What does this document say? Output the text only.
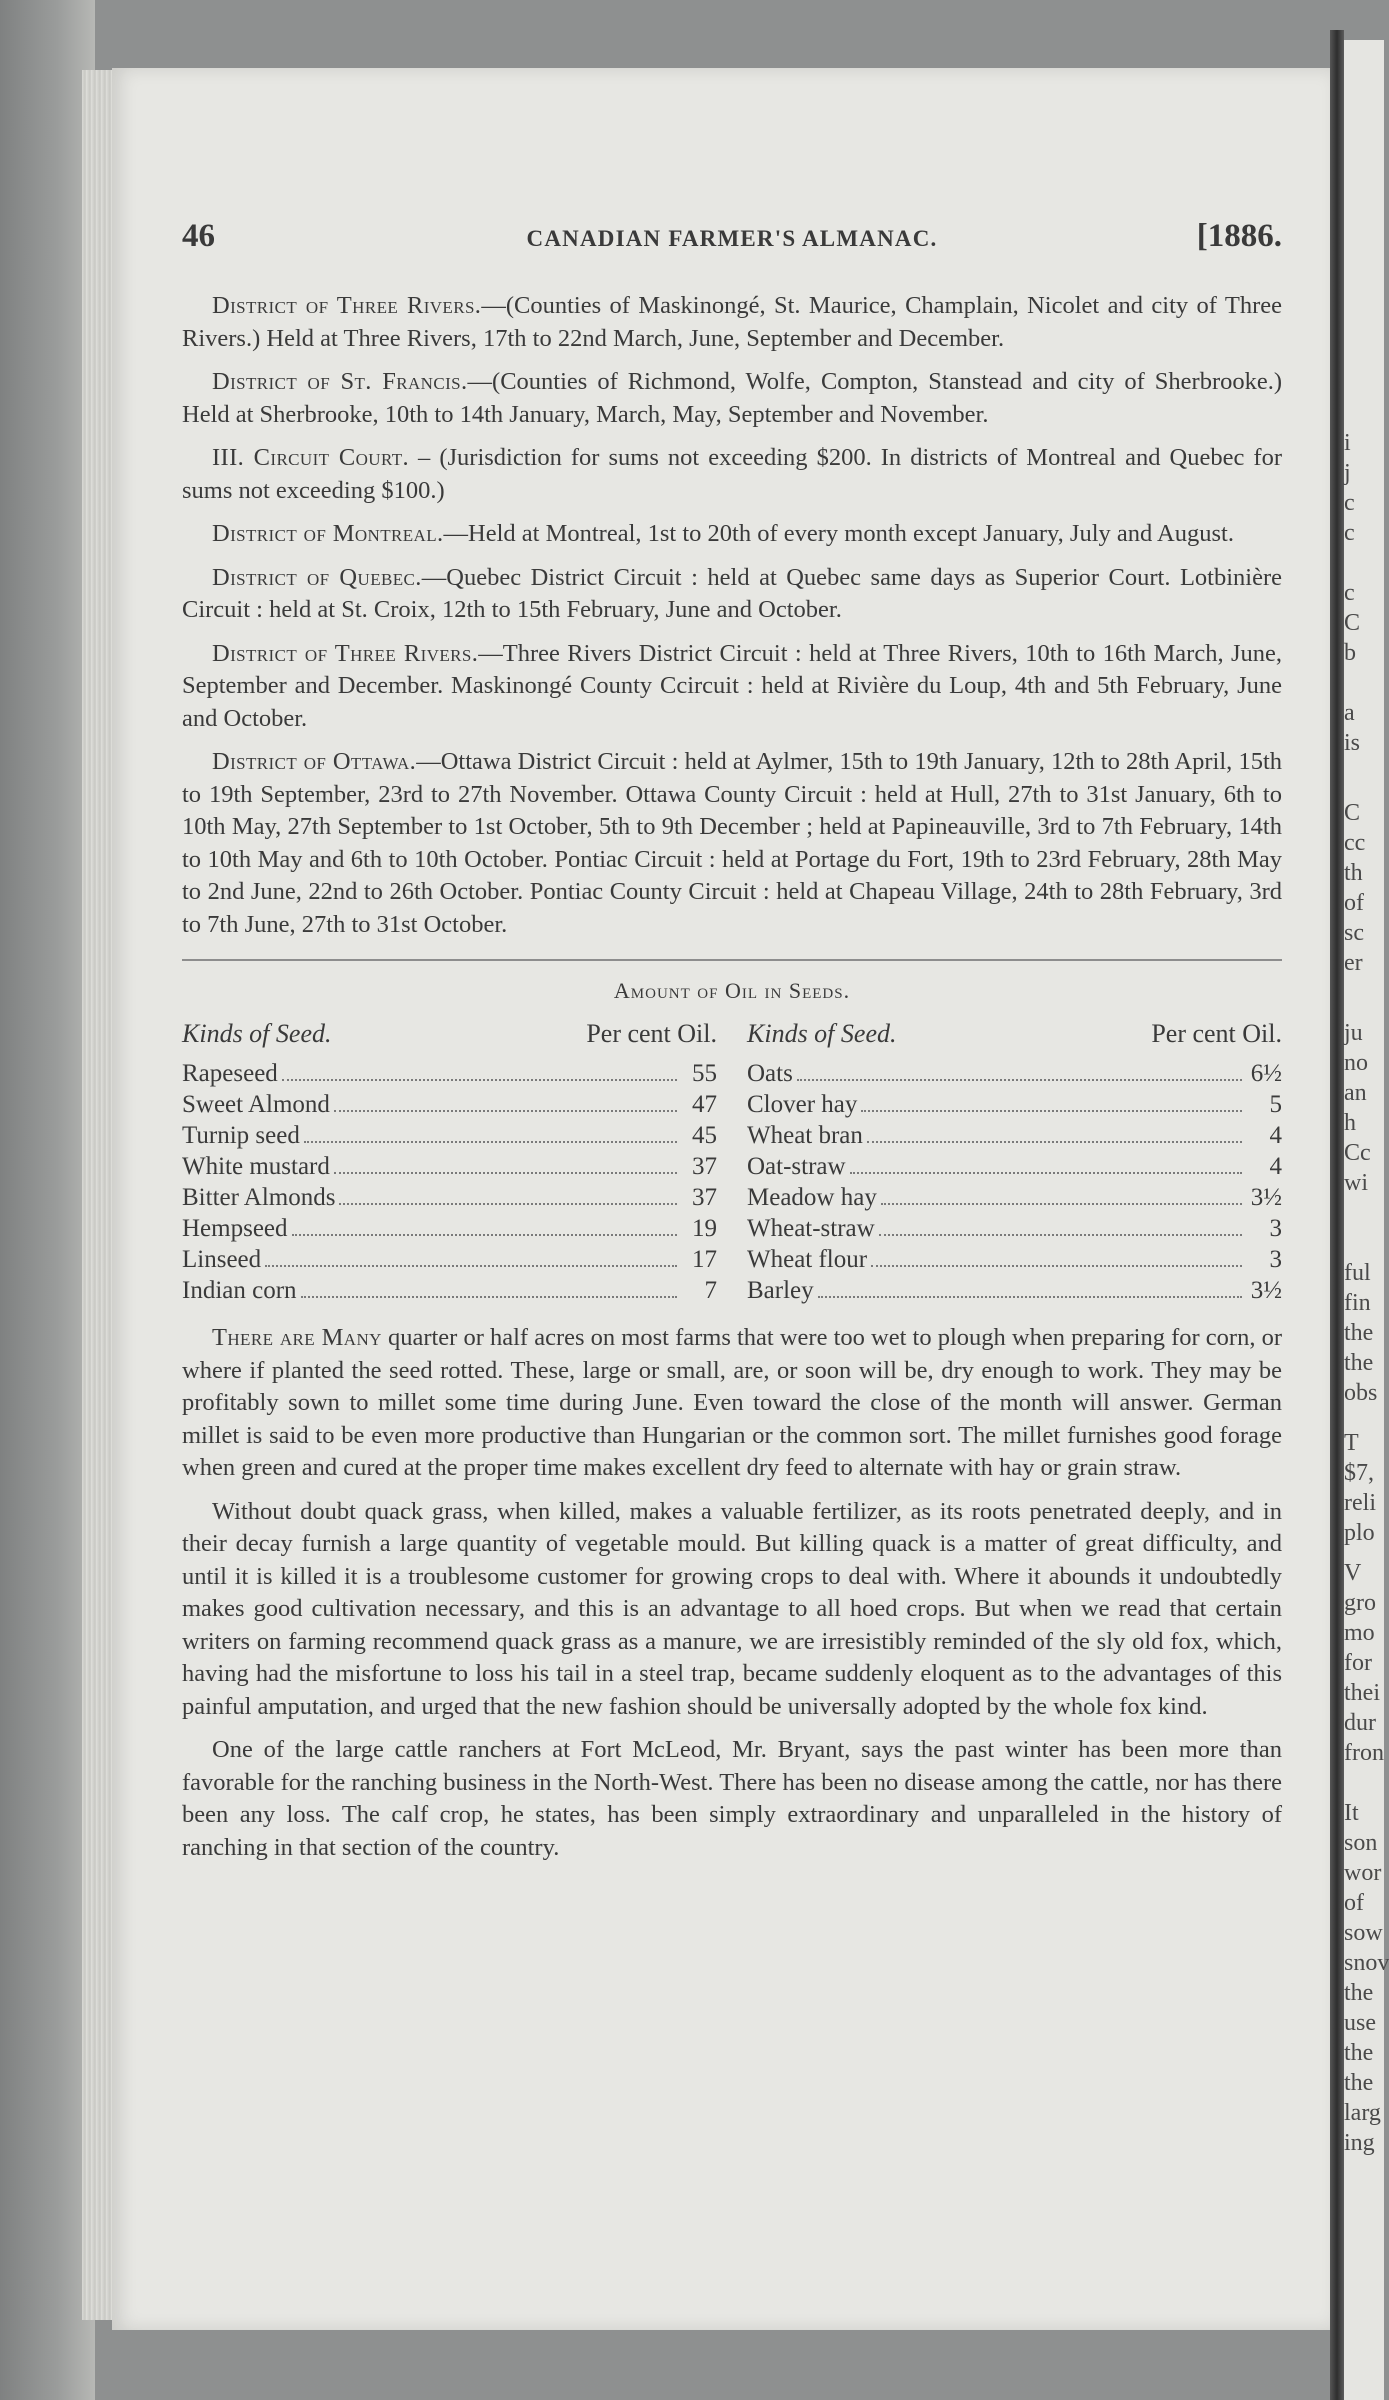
i
j
c
c
c
C
b
a
is
C
cc
th
of
sc
er
ju
no
an
h
Cc
wi
ful
fin
the
the
obs
T
$7,
reli
plo
V
gro
mo
for
thei
dur
fron
It
son
wor
of
sow
snov
the
use
the
the
larg
ing
46	CANADIAN FARMER'S ALMANAC.	[1886.

District of Three Rivers.—(Counties of Maskinongé, St. Maurice, Champlain, Nicolet and city of Three Rivers.) Held at Three Rivers, 17th to 22nd March, June, September and December.

District of St. Francis.—(Counties of Richmond, Wolfe, Compton, Stanstead and city of Sherbrooke.) Held at Sherbrooke, 10th to 14th January, March, May, September and November.

III. Circuit Court. – (Jurisdiction for sums not exceeding $200. In districts of Montreal and Quebec for sums not exceeding $100.)

District of Montreal.—Held at Montreal, 1st to 20th of every month except January, July and August.

District of Quebec.—Quebec District Circuit : held at Quebec same days as Superior Court. Lotbinière Circuit : held at St. Croix, 12th to 15th February, June and October.

District of Three Rivers.—Three Rivers District Circuit : held at Three Rivers, 10th to 16th March, June, September and December. Maskinongé County Ccircuit : held at Rivière du Loup, 4th and 5th February, June and October.

District of Ottawa.—Ottawa District Circuit : held at Aylmer, 15th to 19th January, 12th to 28th April, 15th to 19th September, 23rd to 27th November. Ottawa County Circuit : held at Hull, 27th to 31st January, 6th to 10th May, 27th September to 1st October, 5th to 9th December ; held at Papineauville, 3rd to 7th February, 14th to 10th May and 6th to 10th October. Pontiac Circuit : held at Portage du Fort, 19th to 23rd February, 28th May to 2nd June, 22nd to 26th October. Pontiac County Circuit : held at Chapeau Village, 24th to 28th February, 3rd to 7th June, 27th to 31st October.

Amount of Oil in Seeds.
Kinds of Seed.	Per cent Oil.
Rapeseed	55
Sweet Almond	47
Turnip seed	45
White mustard	37
Bitter Almonds	37
Hempseed	19
Linseed	17
Indian corn	7
Kinds of Seed.	Per cent Oil.
Oats	6½
Clover hay	5
Wheat bran	4
Oat-straw	4
Meadow hay	3½
Wheat-straw	3
Wheat flour	3
Barley	3½

There are Many quarter or half acres on most farms that were too wet to plough when preparing for corn, or where if planted the seed rotted. These, large or small, are, or soon will be, dry enough to work. They may be profitably sown to millet some time during June. Even toward the close of the month will answer. German millet is said to be even more productive than Hungarian or the common sort. The millet furnishes good forage when green and cured at the proper time makes excellent dry feed to alternate with hay or grain straw.

Without doubt quack grass, when killed, makes a valuable fertilizer, as its roots penetrated deeply, and in their decay furnish a large quantity of vegetable mould. But killing quack is a matter of great difficulty, and until it is killed it is a troublesome customer for growing crops to deal with. Where it abounds it undoubtedly makes good cultivation necessary, and this is an advantage to all hoed crops. But when we read that certain writers on farming recommend quack grass as a manure, we are irresistibly reminded of the sly old fox, which, having had the misfortune to loss his tail in a steel trap, became suddenly eloquent as to the advantages of this painful amputation, and urged that the new fashion should be universally adopted by the whole fox kind.

One of the large cattle ranchers at Fort McLeod, Mr. Bryant, says the past winter has been more than favorable for the ranching business in the North-West. There has been no disease among the cattle, nor has there been any loss. The calf crop, he states, has been simply extraordinary and unparalleled in the history of ranching in that section of the country.
